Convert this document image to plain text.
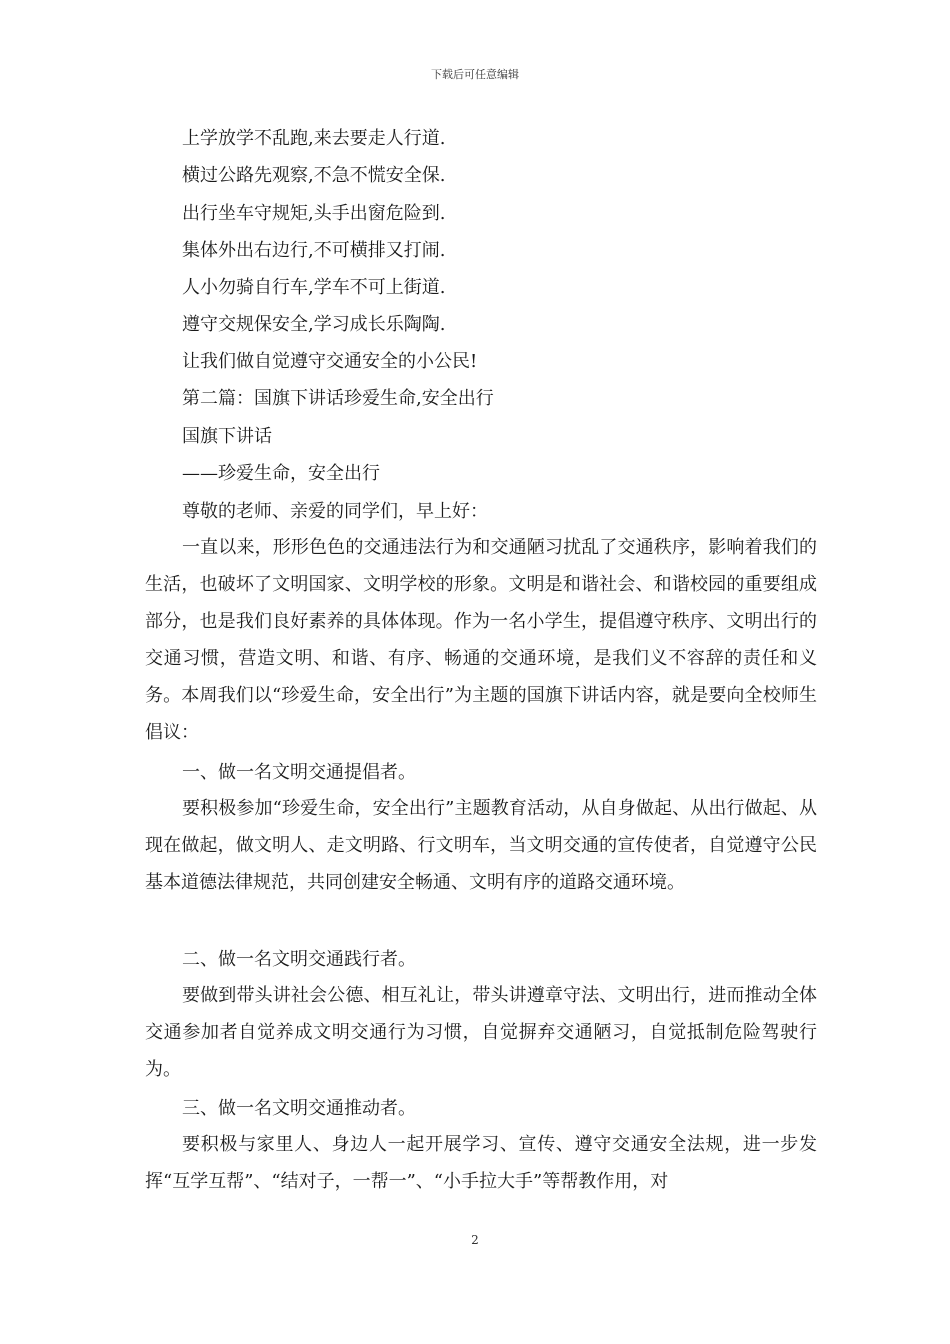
下载后可任意编辑
上学放学不乱跑,来去要走人行道.
横过公路先观察,不急不慌安全保.
出行坐车守规矩,头手出窗危险到.
集体外出右边行,不可横排又打闹.
人小勿骑自行车,学车不可上街道.
遵守交规保安全,学习成长乐陶陶.
让我们做自觉遵守交通安全的小公民!
第二篇：国旗下讲话珍爱生命,安全出行
国旗下讲话
——珍爱生命，安全出行
尊敬的老师、亲爱的同学们，早上好：

一直以来，形形色色的交通违法行为和交通陋习扰乱了交通秩序，影响着我们的生活，也破坏了文明国家、文明学校的形象。文明是和谐社会、和谐校园的重要组成部分，也是我们良好素养的具体体现。作为一名小学生，提倡遵守秩序、文明出行的交通习惯，营造文明、和谐、有序、畅通的交通环境，是我们义不容辞的责任和义务。本周我们以“珍爱生命，安全出行”为主题的国旗下讲话内容，就是要向全校师生倡议：

一、做一名文明交通提倡者。

要积极参加“珍爱生命，安全出行”主题教育活动，从自身做起、从出行做起、从现在做起，做文明人、走文明路、行文明车，当文明交通的宣传使者，自觉遵守公民基本道德法律规范，共同创建安全畅通、文明有序的道路交通环境。

二、做一名文明交通践行者。

要做到带头讲社会公德、相互礼让，带头讲遵章守法、文明出行，进而推动全体交通参加者自觉养成文明交通行为习惯，自觉摒弃交通陋习，自觉抵制危险驾驶行为。

三、做一名文明交通推动者。

要积极与家里人、身边人一起开展学习、宣传、遵守交通安全法规，进一步发挥“互学互帮”、“结对子，一帮一”、“小手拉大手”等帮教作用，对

2
